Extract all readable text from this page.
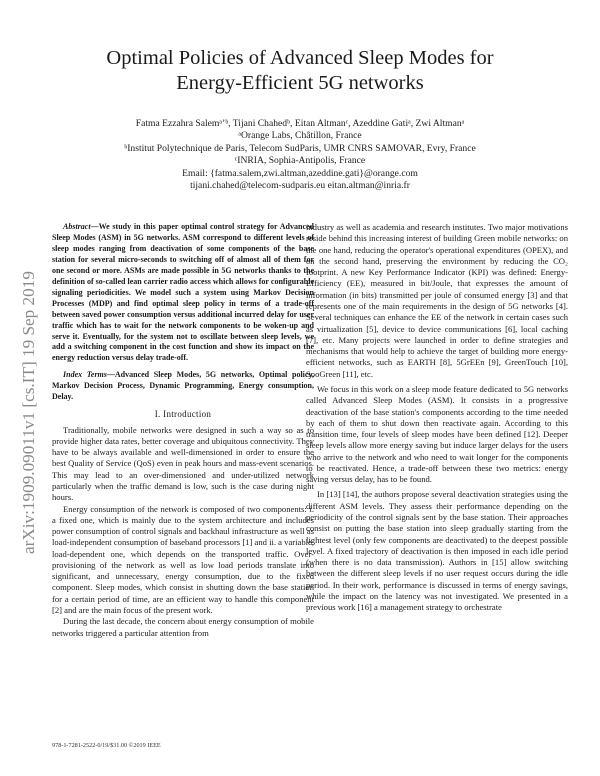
Optimal Policies of Advanced Sleep Modes for
Energy-Efficient 5G networks
Fatma Ezzahra Salemᵃʼᵇ, Tijani Chahedᵇ, Eitan Altmanᶜ, Azeddine Gatiᵃ, Zwi Altmanᵃ
ᵃOrange Labs, Châtillon, France
ᵇInstitut Polytechnique de Paris, Telecom SudParis, UMR CNRS SAMOVAR, Evry, France
ᶜINRIA, Sophia-Antipolis, France
Email: {fatma.salem,zwi.altman,azeddine.gati}@orange.com
tijani.chahed@telecom-sudparis.eu eitan.altman@inria.fr
arXiv:1909.09011v1 [cs.IT] 19 Sep 2019

Abstract—We study in this paper optimal control strategy for Advanced Sleep Modes (ASM) in 5G networks. ASM correspond to different levels of sleep modes ranging from deactivation of some components of the base station for several micro-seconds to switching off of almost all of them for one second or more. ASMs are made possible in 5G networks thanks to the definition of so-called lean carrier radio access which allows for configurable signaling periodicities. We model such a system using Markov Decision Processes (MDP) and find optimal sleep policy in terms of a trade-off between saved power consumption versus additional incurred delay for user traffic which has to wait for the network components to be woken-up and serve it. Eventually, for the system not to oscillate between sleep levels, we add a switching component in the cost function and show its impact on the energy reduction versus delay trade-off.

Index Terms—Advanced Sleep Modes, 5G networks, Optimal policy, Markov Decision Process, Dynamic Programming, Energy consumption, Delay.

I. Introduction

Traditionally, mobile networks were designed in such a way so as to provide higher data rates, better coverage and ubiquitous connectivity. They have to be always available and well-dimensioned in order to ensure the best Quality of Service (QoS) even in peak hours and mass-event scenarios. This may lead to an over-dimensioned and under-utilized network particularly when the traffic demand is low, such is the case during night hours.

Energy consumption of the network is composed of two components: i. a fixed one, which is mainly due to the system architecture and includes power consumption of control signals and backhaul infrastructure as well as load-independent consumption of baseband processors [1] and ii. a variable, load-dependent one, which depends on the transported traffic. Over-provisioning of the network as well as low load periods translate into significant, and unnecessary, energy consumption, due to the fixed component. Sleep modes, which consist in shutting down the base station for a certain period of time, are an efficient way to handle this component [2] and are the main focus of the present work.

During the last decade, the concern about energy consumption of mobile networks triggered a particular attention from

industry as well as academia and research institutes. Two major motivations reside behind this increasing interest of building Green mobile networks: on the one hand, reducing the operator's operational expenditures (OPEX), and on the second hand, preserving the environment by reducing the CO₂ footprint. A new Key Performance Indicator (KPI) was defined: Energy-Efficiency (EE), measured in bit/Joule, that expresses the amount of information (in bits) transmitted per joule of consumed energy [3] and that represents one of the main requirements in the design of 5G networks [4]. Several techniques can enhance the EE of the network in certain cases such as virtualization [5], device to device communications [6], local caching [7], etc. Many projects were launched in order to define strategies and mechanisms that would help to achieve the target of building more energy-efficient networks, such as EARTH [8], 5GrEEn [9], GreenTouch [10], SooGreen [11], etc.

We focus in this work on a sleep mode feature dedicated to 5G networks called Advanced Sleep Modes (ASM). It consists in a progressive deactivation of the base station's components according to the time needed by each of them to shut down then reactivate again. According to this transition time, four levels of sleep modes have been defined [12]. Deeper sleep levels allow more energy saving but induce larger delays for the users who arrive to the network and who need to wait longer for the components to be reactivated. Hence, a trade-off between these two metrics: energy saving versus delay, has to be found.

In [13] [14], the authors propose several deactivation strategies using the different ASM levels. They assess their performance depending on the periodicity of the control signals sent by the base station. Their approaches consist on putting the base station into sleep gradually starting from the lightest level (only few components are deactivated) to the deepest possible level. A fixed trajectory of deactivation is then imposed in each idle period (when there is no data transmission). Authors in [15] allow switching between the different sleep levels if no user request occurs during the idle period. In their work, performance is discussed in terms of energy savings, while the impact on the latency was not investigated. We presented in a previous work [16] a management strategy to orchestrate

978-1-7281-2522-0/19/$31.00 ©2019 IEEE
